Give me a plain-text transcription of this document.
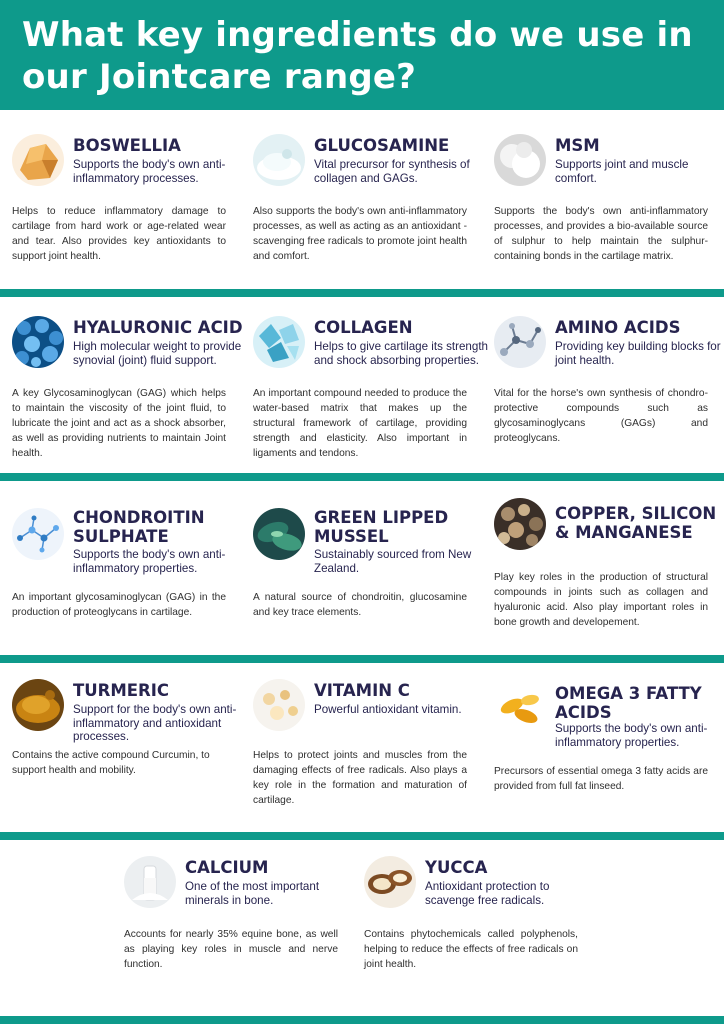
What key ingredients do we use in our Jointcare range?
BOSWELLIA
Supports the body's own anti-inflammatory processes.
Helps to reduce inflammatory damage to cartilage from hard work or age-related wear and tear. Also provides key antioxidants to support joint health.
GLUCOSAMINE
Vital precursor for synthesis of collagen and GAGs.
Also supports the body's own anti-inflammatory processes, as well as acting as an antioxidant - scavenging free radicals to promote joint health and comfort.
MSM
Supports joint and muscle comfort.
Supports the body's own anti-inflammatory processes, and provides a bio-available source of sulphur to help maintain the sulphur-containing bonds in the cartilage matrix.
HYALURONIC ACID
High molecular weight to provide synovial (joint) fluid support.
A key Glycosaminoglycan (GAG) which helps to maintain the viscosity of the joint fluid, to lubricate the joint and act as a shock absorber, as well as providing nutrients to maintain Joint health.
COLLAGEN
Helps to give cartilage its strength and shock absorbing properties.
An important compound needed to produce the water-based matrix that makes up the structural framework of cartilage, providing strength and elasticity. Also important in ligaments and tendons.
AMINO ACIDS
Providing key building blocks for joint health.
Vital for the horse's own synthesis of chondro-protective compounds such as glycosaminoglycans (GAGs) and proteoglycans.
CHONDROITIN SULPHATE
Supports the body's own anti-inflammatory properties.
An important glycosaminoglycan (GAG) in the production of proteoglycans in cartilage.
GREEN LIPPED MUSSEL
Sustainably sourced from New Zealand.
A natural source of chondroitin, glucosamine and key trace elements.
COPPER, SILICON & MANGANESE
Play key roles in the production of structural compounds in joints such as collagen and hyaluronic acid. Also play important roles in bone growth and developement.
TURMERIC
Support for the body's own anti-inflammatory and antioxidant processes.
Contains the active compound Curcumin, to support health and mobility.
VITAMIN C
Powerful antioxidant vitamin.
Helps to protect joints and muscles from the damaging effects of free radicals. Also plays a key role in the formation and maturation of cartilage.
OMEGA 3 FATTY ACIDS
Supports the body's own anti-inflammatory properties.
Precursors of essential omega 3 fatty acids are provided from full fat linseed.
CALCIUM
One of the most important minerals in bone.
Accounts for nearly 35% equine bone, as well as playing key roles in muscle and nerve function.
YUCCA
Antioxidant protection to scavenge free radicals.
Contains phytochemicals called polyphenols, helping to reduce the effects of free radicals on joint health.
